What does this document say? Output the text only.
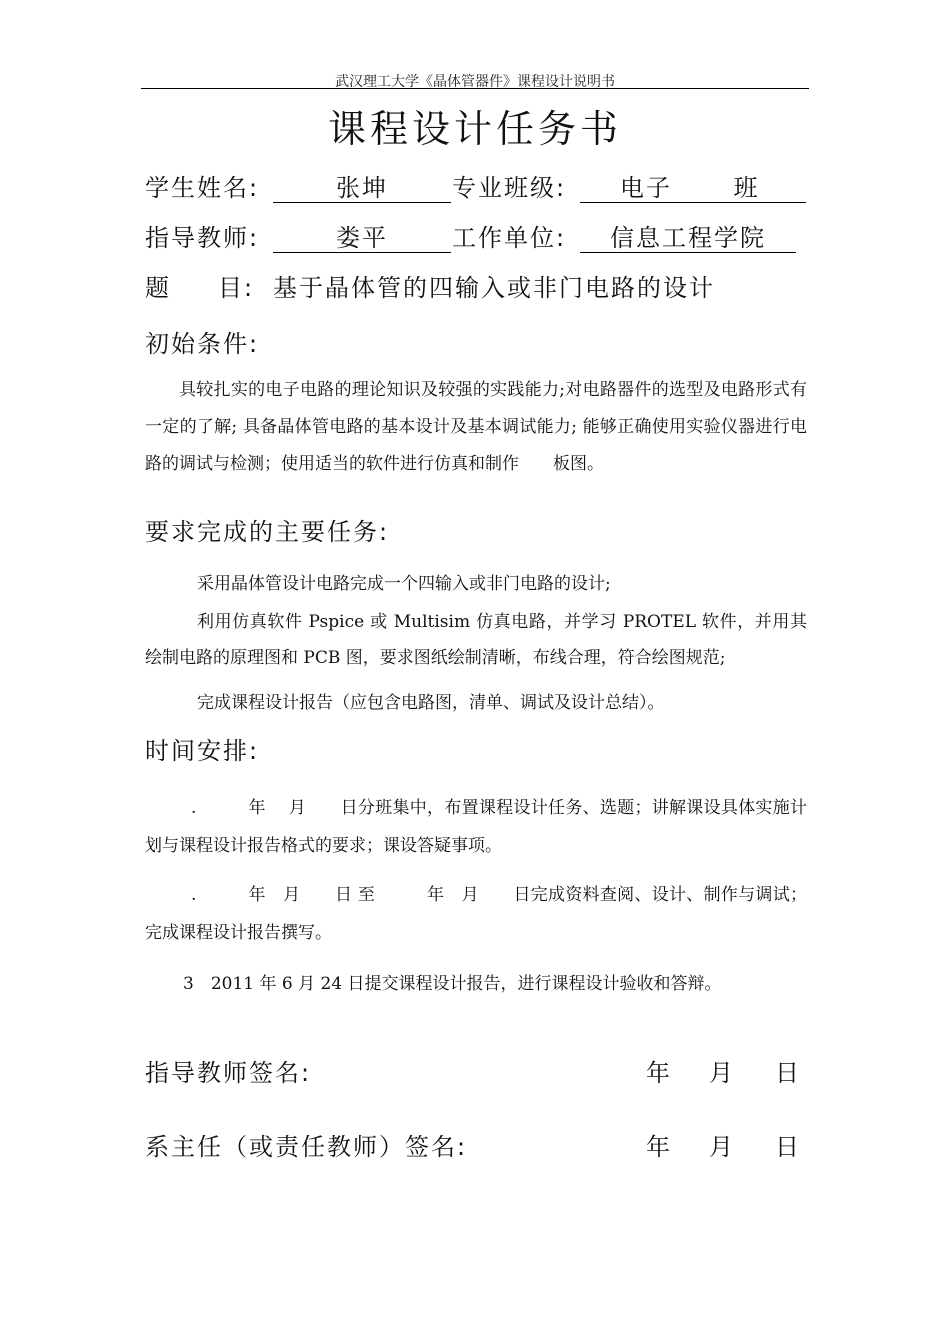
武汉理工大学《晶体管器件》课程设计说明书
课程设计任务书
学生姓名:	张坤	专业班级: 电子　　 班
指导教师:	娄平	工作单位:	信息工程学院
题 目: 基于晶体管的四输入或非门电路的设计
初始条件:
具较扎实的电子电路的理论知识及较强的实践能力;对电路器件的选型及电路形式有一定的了解; 具备晶体管电路的基本设计及基本调试能力; 能够正确使用实验仪器进行电路的调试与检测；使用适当的软件进行仿真和制作　　板图。
要求完成的主要任务:
采用晶体管设计电路完成一个四输入或非门电路的设计;
利用仿真软件 Pspice 或 Multisim 仿真电路，并学习 PROTEL 软件，并用其绘制电路的原理图和 PCB 图，要求图纸绘制清晰，布线合理，符合绘图规范;
完成课程设计报告（应包含电路图，清单、调试及设计总结）。
时间安排:
.　　　年　 月　　日分班集中，布置课程设计任务、选题；讲解课设具体实施计划与课程设计报告格式的要求；课设答疑事项。
.　　　年　月　　日 至　　　年　月　　日完成资料查阅、设计、制作与调试；完成课程设计报告撰写。
3　2011 年 6 月 24 日提交课程设计报告，进行课程设计验收和答辩。
指导教师签名:	年 月 日
系主任（或责任教师）签名:	年 月 日
